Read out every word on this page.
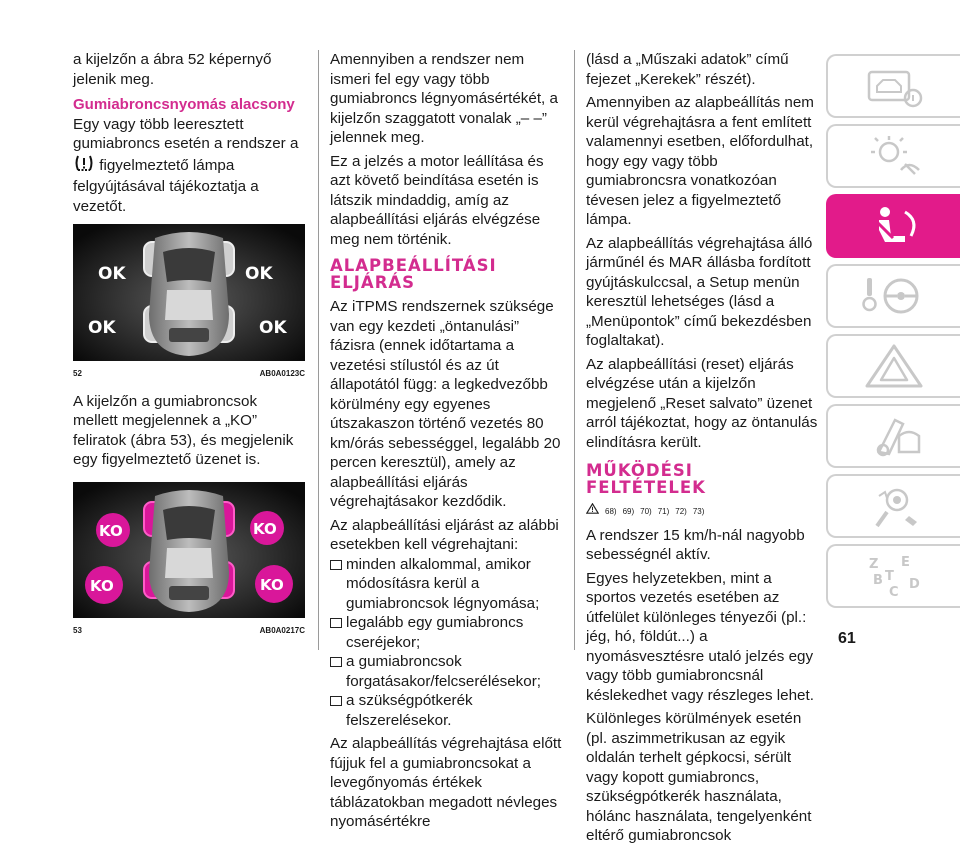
a kijelzőn a ábra 52 képernyő jelenik meg.

Gumiabroncsnyomás alacsony

Egy vagy több leeresztett gumiabroncs esetén a rendszer a  figyelmeztető lámpa felgyújtásával tájékoztatja a vezetőt.

OK	OK
OK	OK
52	AB0A0123C

A kijelzőn a gumiabroncsok mellett megjelennek a „KO” feliratok (ábra 53), és megjelenik egy figyelmeztető üzenet is.

KO	KO
KO	KO
53	AB0A0217C

Amennyiben a rendszer nem ismeri fel egy vagy több gumiabroncs légnyomásértékét, a kijelzőn szaggatott vonalak „– –” jelennek meg.

Ez a jelzés a motor leállítása és azt követő beindítása esetén is látszik mindaddig, amíg az alapbeállítási eljárás elvégzése meg nem történik.

ALAPBEÁLLÍTÁSI
ELJÁRÁS

Az iTPMS rendszernek szüksége van egy kezdeti „öntanulási” fázisra (ennek időtartama a vezetési stílustól és az út állapotától függ: a legkedvezőbb körülmény egy egyenes útszakaszon történő vezetés 80 km/órás sebességgel, legalább 20 percen keresztül), amely az alapbeállítási eljárás végrehajtásakor kezdődik.

Az alapbeállítási eljárást az alábbi esetekben kell végrehajtani:

minden alkalommal, amikor módosításra kerül a gumiabroncsok légnyomása;
legalább egy gumiabroncs cseréjekor;
a gumiabroncsok forgatásakor/felcserélésekor;
a szükségpótkerék felszerelésekor.

Az alapbeállítás végrehajtása előtt fújjuk fel a gumiabroncsokat a levegőnyomás értékek táblázatokban megadott névleges nyomásértékre

(lásd a „Műszaki adatok” című fejezet „Kerekek” részét).

Amennyiben az alapbeállítás nem kerül végrehajtásra a fent említett valamennyi esetben, előfordulhat, hogy egy vagy több gumiabroncsra vonatkozóan tévesen jelez a figyelmeztető lámpa.

Az alapbeállítás végrehajtása álló járműnél és MAR állásba fordított gyújtáskulccsal, a Setup menün keresztül lehetséges (lásd a „Menüpontok” című bekezdésben foglaltakat).

Az alapbeállítási (reset) eljárás elvégzése után a kijelzőn megjelenő „Reset salvato” üzenet arról tájékoztat, hogy az öntanulás elindításra került.

MŰKÖDÉSI FELTÉTELEK
68) 69) 70) 71) 72) 73)

A rendszer 15 km/h-nál nagyobb sebességnél aktív.

Egyes helyzetekben, mint a sportos vezetés esetében az útfelület különleges tényezői (pl.: jég, hó, földút...) a nyomásvesztésre utaló jelzés egy vagy több gumiabroncsnál késlekedhet vagy részleges lehet.

Különleges körülmények esetén (pl. aszimmetrikusan az egyik oldalán terhelt gépkocsi, sérült vagy kopott gumiabroncs, szükségpótkerék használata, hólánc használata, tengelyenként eltérő gumiabroncsok

Z E
B
C
T
D
61
